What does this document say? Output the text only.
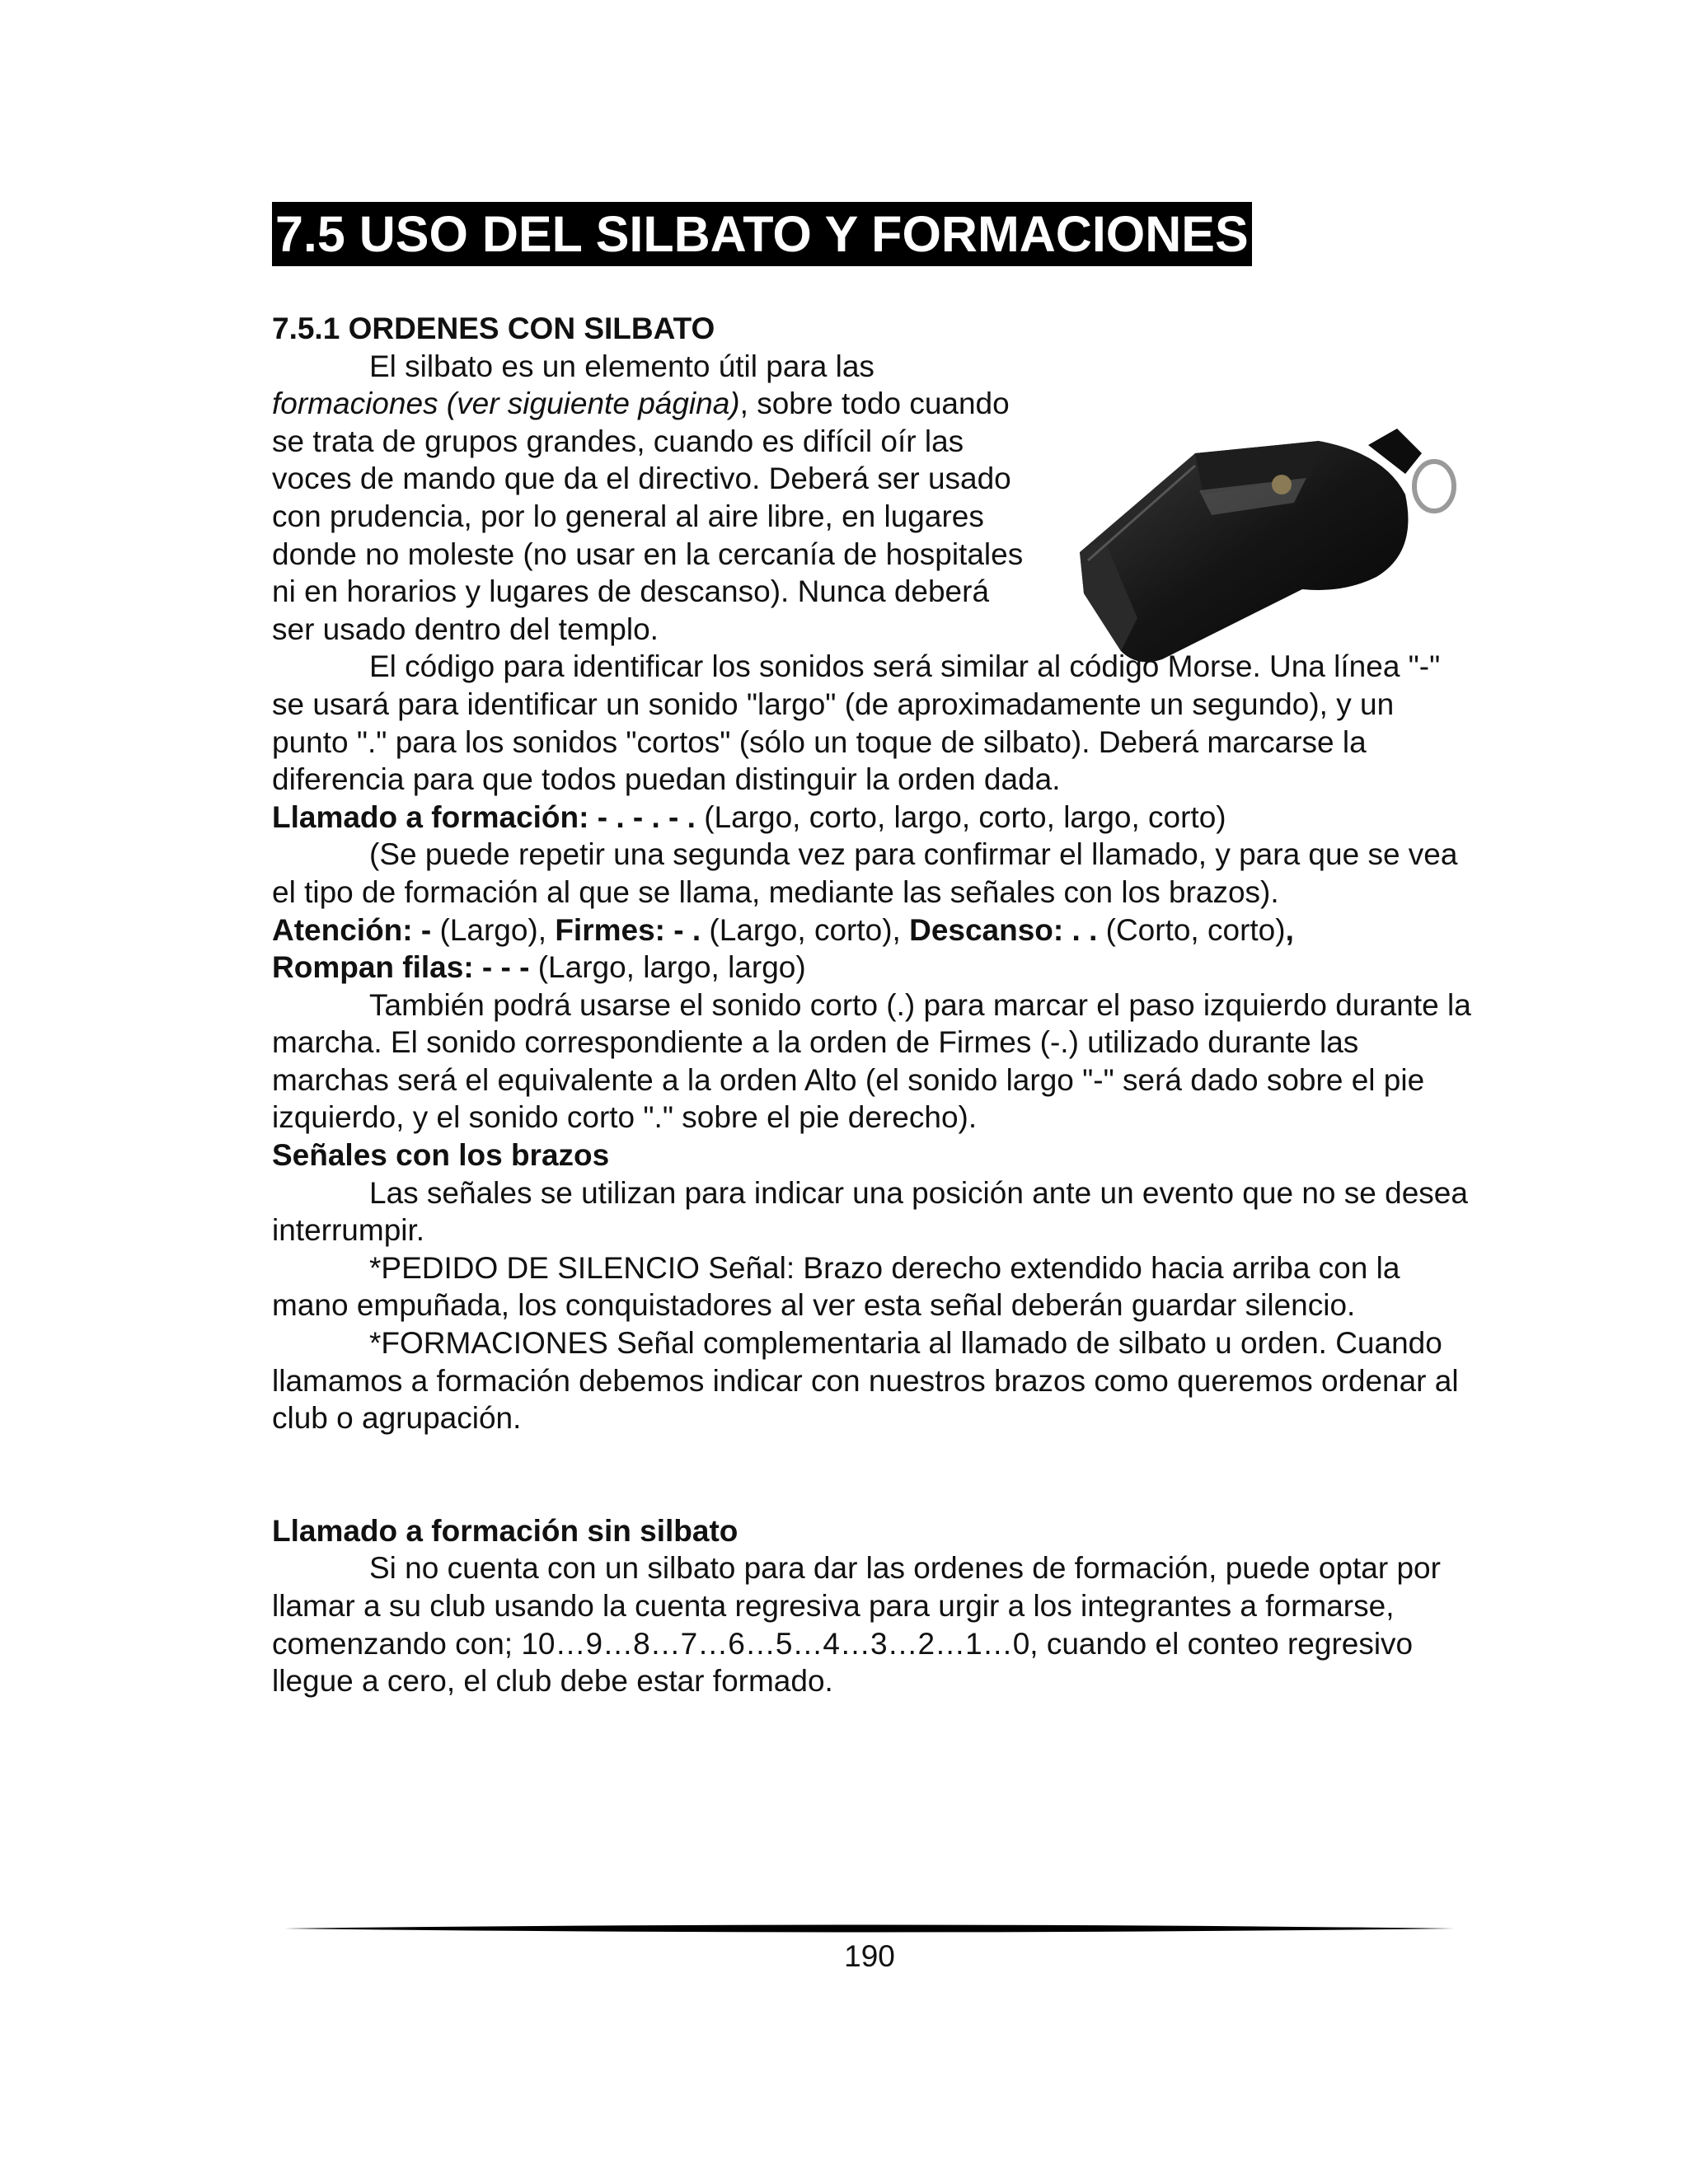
7.5 USO DEL SILBATO Y FORMACIONES

7.5.1 ORDENES CON SILBATO

El silbato es un elemento útil para las formaciones (ver siguiente página), sobre todo cuando se trata de grupos grandes, cuando es difícil oír las voces de mando que da el directivo. Deberá ser usado con prudencia, por lo general al aire libre, en lugares donde no moleste (no usar en la cercanía de hospitales ni en horarios y lugares de descanso). Nunca deberá ser usado dentro del templo.

El código para identificar los sonidos será similar al código Morse. Una línea "-" se usará para identificar un sonido "largo" (de aproximadamente un segundo), y un punto "." para los sonidos "cortos" (sólo un toque de silbato). Deberá marcarse la diferencia para que todos puedan distinguir la orden dada.

Llamado a formación: - . - . - . (Largo, corto, largo, corto, largo, corto)

(Se puede repetir una segunda vez para confirmar el llamado, y para que se vea el tipo de formación al que se llama, mediante las señales con los brazos).

Atención: - (Largo), Firmes: - . (Largo, corto), Descanso: . . (Corto, corto),
Rompan filas: - - - (Largo, largo, largo)

También podrá usarse el sonido corto (.) para marcar el paso izquierdo durante la marcha. El sonido correspondiente a la orden de Firmes (-.) utilizado durante las marchas será el equivalente a la orden Alto (el sonido largo "-" será dado sobre el pie izquierdo, y el sonido corto "." sobre el pie derecho).

Señales con los brazos

Las señales se utilizan para indicar una posición ante un evento que no se desea interrumpir.

*PEDIDO DE SILENCIO Señal: Brazo derecho extendido hacia arriba con la mano empuñada, los conquistadores al ver esta señal deberán guardar silencio.

*FORMACIONES Señal complementaria al llamado de silbato u orden. Cuando llamamos a formación debemos indicar con nuestros brazos como queremos ordenar al club o agrupación.

Llamado a formación sin silbato

Si no cuenta con un silbato para dar las ordenes de formación, puede optar por llamar a su club usando la cuenta regresiva para urgir a los integrantes a formarse, comenzando con; 10…9…8…7…6…5…4…3…2…1…0, cuando el conteo regresivo llegue a cero, el club debe estar formado.

190
